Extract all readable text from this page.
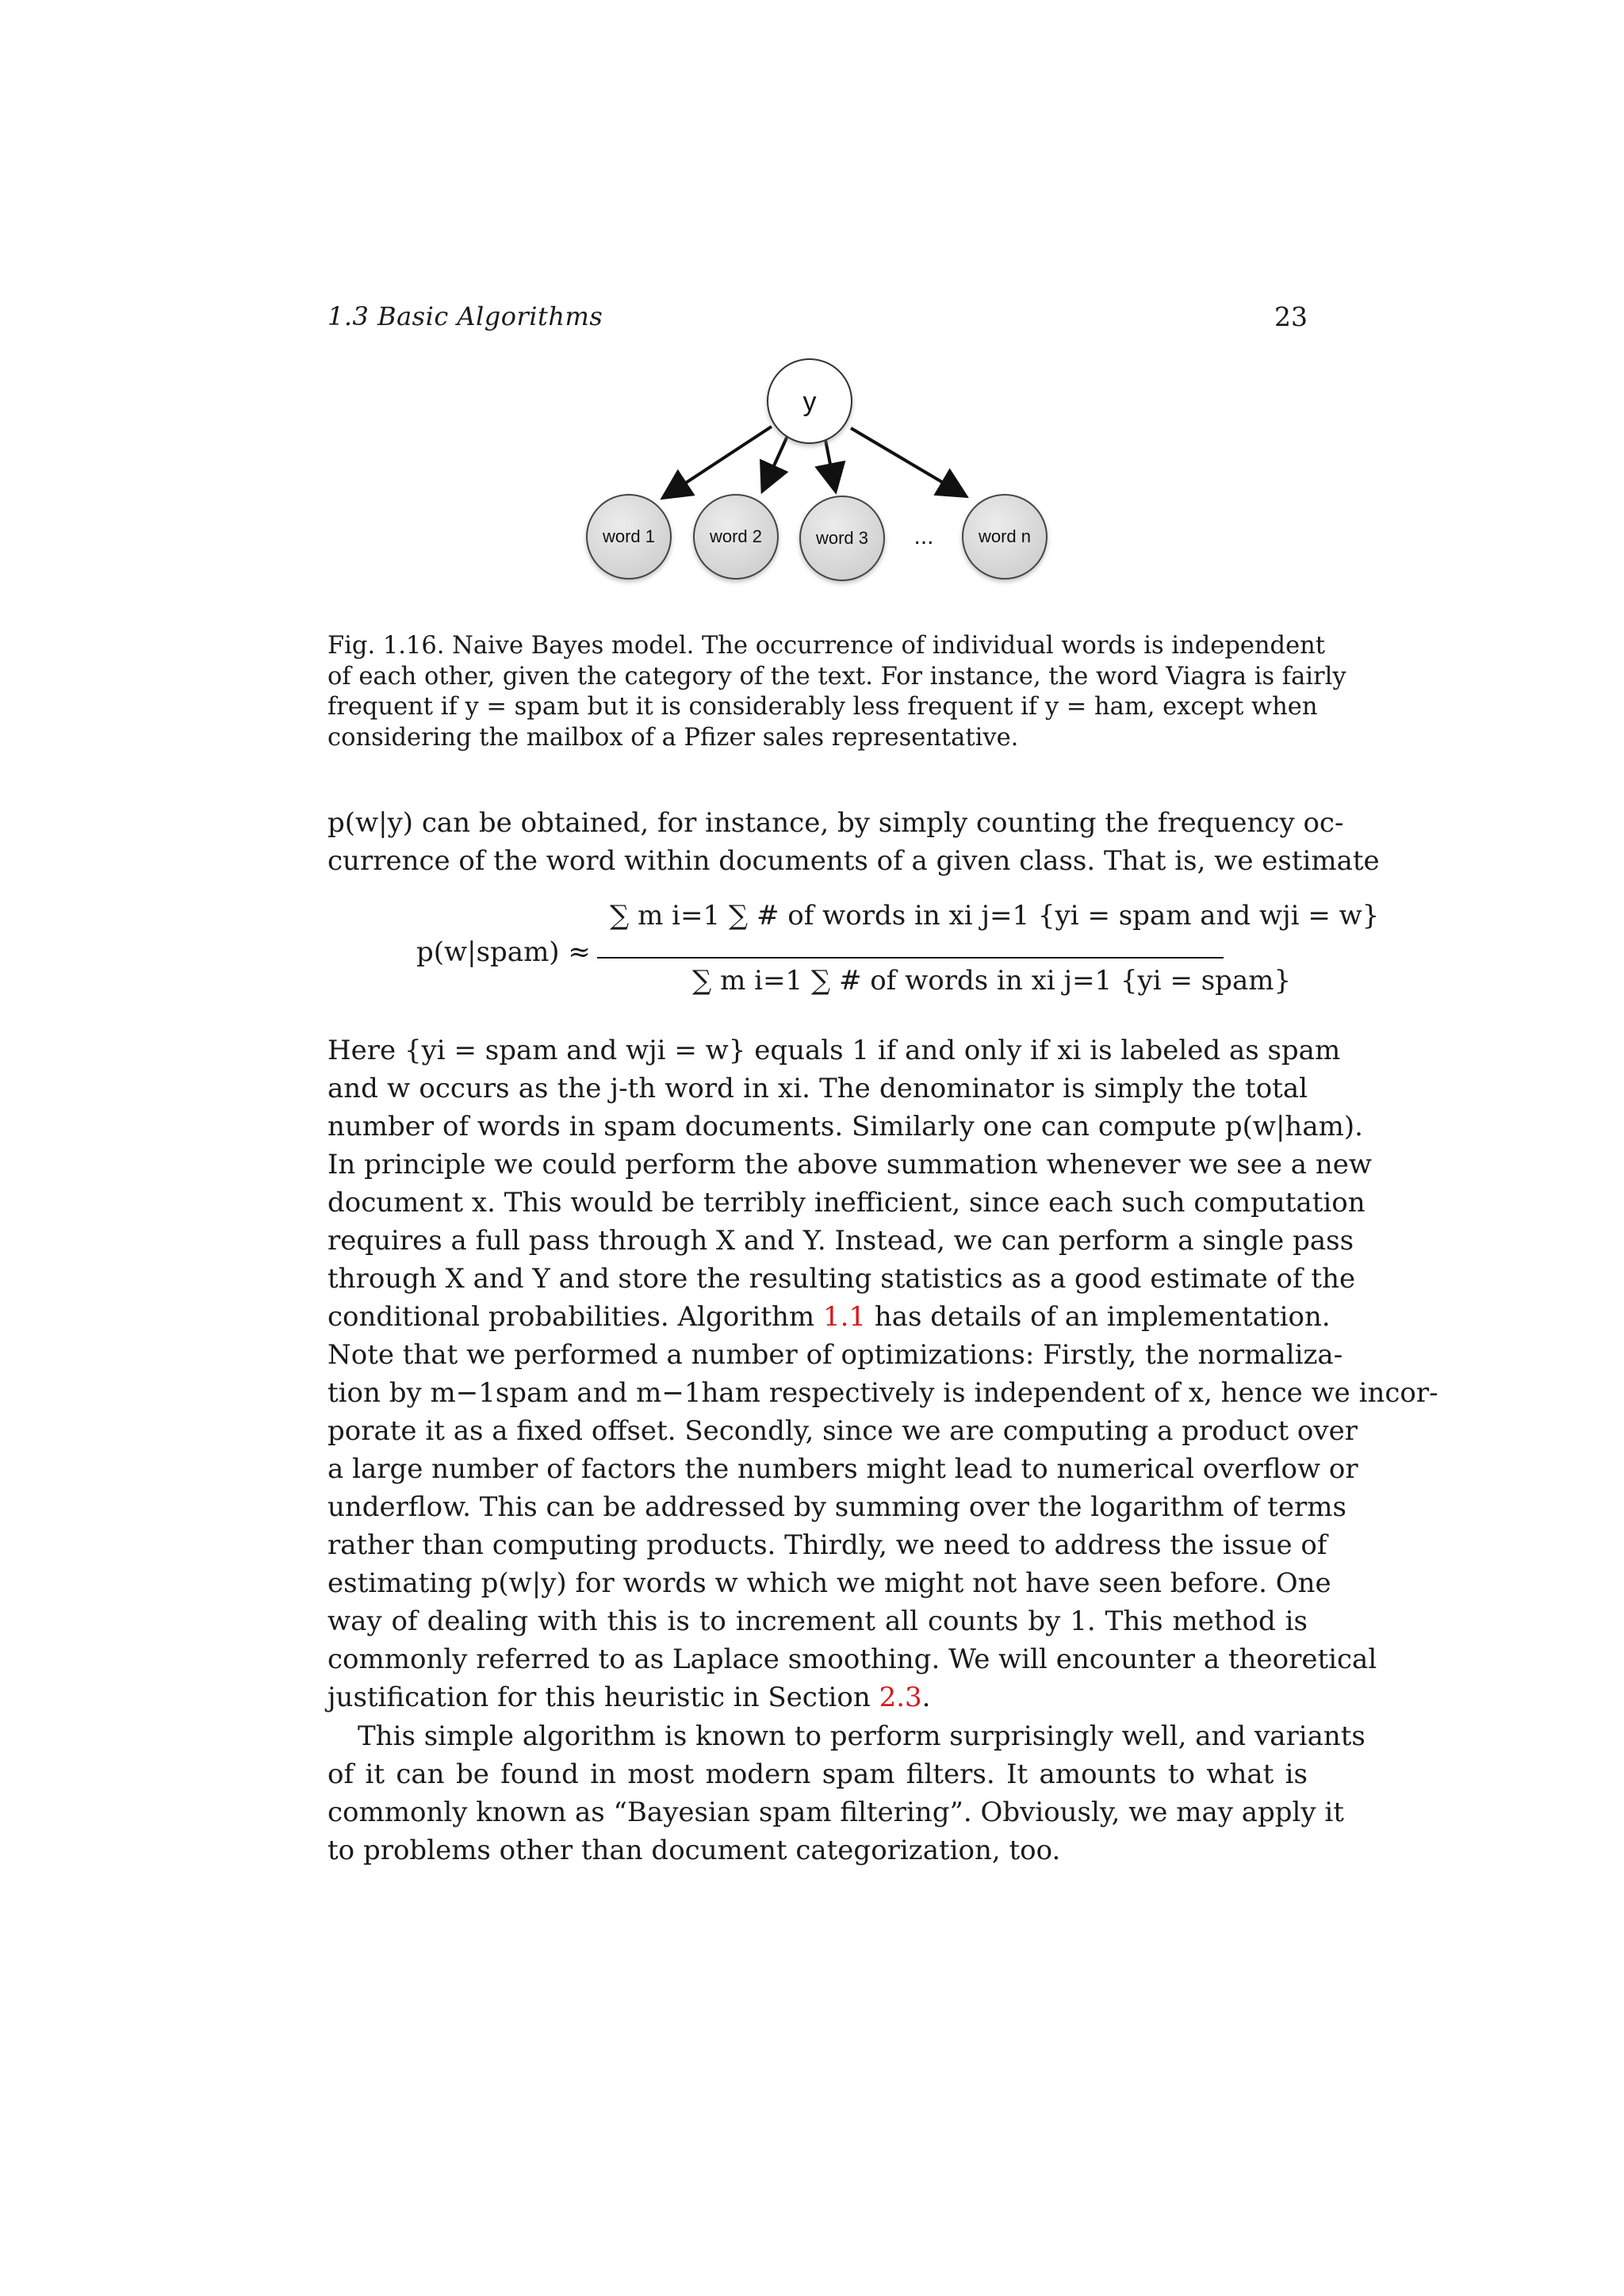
1.3 Basic Algorithms	23
y
word 1	word 2	word 3 ...	word n
Fig. 1.16. Naive Bayes model. The occurrence of individual words is independent
of each other, given the category of the text. For instance, the word Viagra is fairly
frequent if y = spam but it is considerably less frequent if y = ham, except when
considering the mailbox of a Pfizer sales representative.
p(w|y) can be obtained, for instance, by simply counting the frequency oc-
currence of the word within documents of a given class. That is, we estimate
p(w|spam) ≈
∑ m i=1 ∑ # of words in xi j=1 {yi = spam and wji = w}
∑ m i=1 ∑ # of words in xi j=1 {yi = spam}
Here {yi = spam and wji = w} equals 1 if and only if xi is labeled as spam
and w occurs as the j-th word in xi. The denominator is simply the total
number of words in spam documents. Similarly one can compute p(w|ham).
In principle we could perform the above summation whenever we see a new
document x. This would be terribly inefficient, since each such computation
requires a full pass through X and Y. Instead, we can perform a single pass
through X and Y and store the resulting statistics as a good estimate of the
conditional probabilities. Algorithm 1.1 has details of an implementation.
Note that we performed a number of optimizations: Firstly, the normaliza-
tion by m−1spam and m−1ham respectively is independent of x, hence we incor-
porate it as a fixed offset. Secondly, since we are computing a product over
a large number of factors the numbers might lead to numerical overflow or
underflow. This can be addressed by summing over the logarithm of terms
rather than computing products. Thirdly, we need to address the issue of
estimating p(w|y) for words w which we might not have seen before. One
way of dealing with this is to increment all counts by 1. This method is
commonly referred to as Laplace smoothing. We will encounter a theoretical
justification for this heuristic in Section 2.3.
This simple algorithm is known to perform surprisingly well, and variants
of it can be found in most modern spam filters. It amounts to what is
commonly known as “Bayesian spam filtering”. Obviously, we may apply it
to problems other than document categorization, too.
